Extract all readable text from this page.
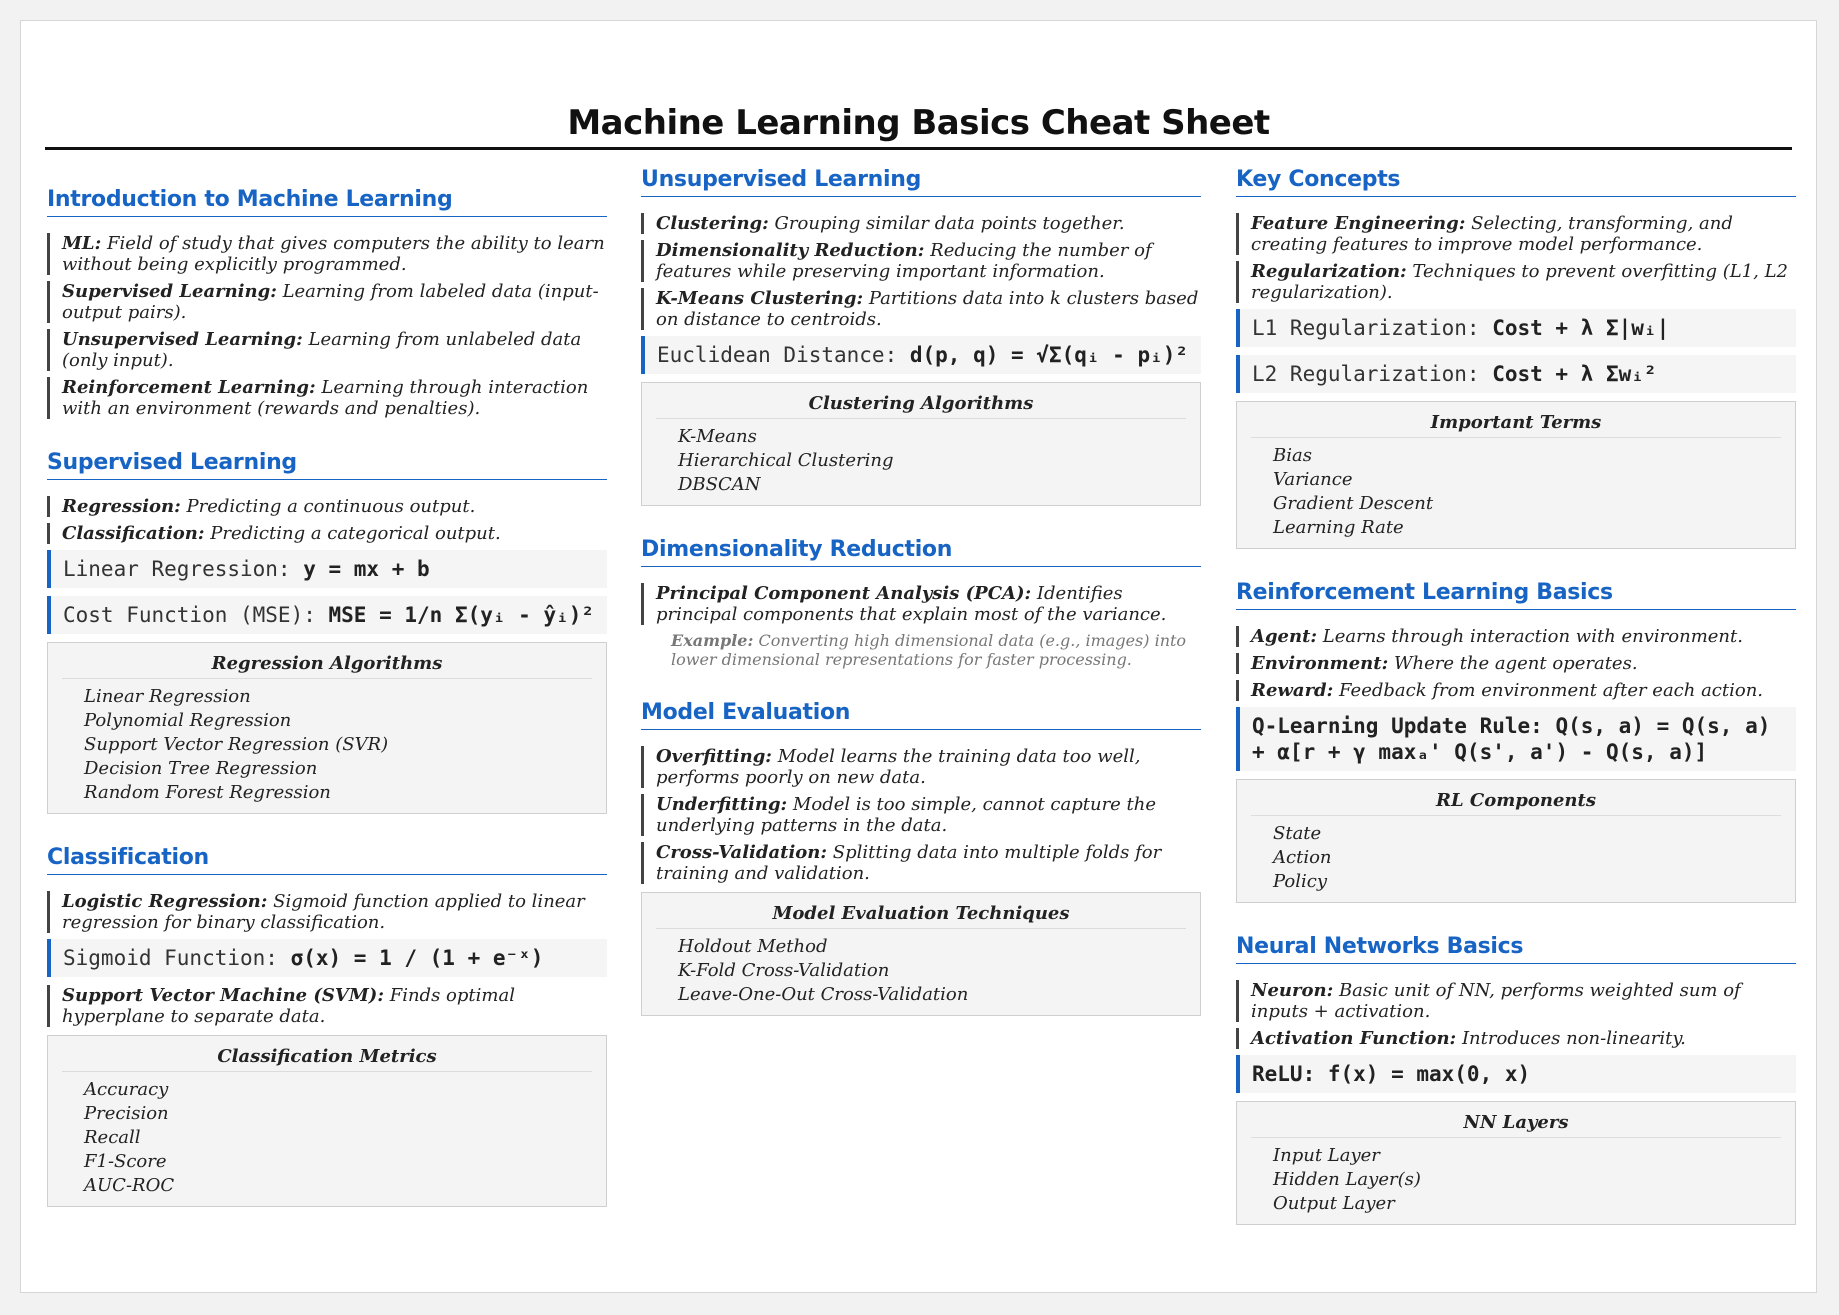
Machine Learning Basics Cheat Sheet
Introduction to Machine Learning
ML: Field of study that gives computers the ability to learn without being explicitly programmed.
Supervised Learning: Learning from labeled data (input-output pairs).
Unsupervised Learning: Learning from unlabeled data (only input).
Reinforcement Learning: Learning through interaction with an environment (rewards and penalties).
Supervised Learning
Regression: Predicting a continuous output.
Classification: Predicting a categorical output.
Linear Regression: y = mx + b
Cost Function (MSE): MSE = 1/n Σ(yᵢ - ŷᵢ)²
Regression Algorithms
Linear Regression
Polynomial Regression
Support Vector Regression (SVR)
Decision Tree Regression
Random Forest Regression
Classification
Logistic Regression: Sigmoid function applied to linear regression for binary classification.
Sigmoid Function: σ(x) = 1 / (1 + e⁻ˣ)
Support Vector Machine (SVM): Finds optimal hyperplane to separate data.
Classification Metrics
Accuracy
Precision
Recall
F1-Score
AUC-ROC
Unsupervised Learning
Clustering: Grouping similar data points together.
Dimensionality Reduction: Reducing the number of features while preserving important information.
K-Means Clustering: Partitions data into k clusters based on distance to centroids.
Euclidean Distance: d(p, q) = √Σ(qᵢ - pᵢ)²
Clustering Algorithms
K-Means
Hierarchical Clustering
DBSCAN
Dimensionality Reduction
Principal Component Analysis (PCA): Identifies principal components that explain most of the variance.
Example: Converting high dimensional data (e.g., images) into lower dimensional representations for faster processing.
Model Evaluation
Overfitting: Model learns the training data too well, performs poorly on new data.
Underfitting: Model is too simple, cannot capture the underlying patterns in the data.
Cross-Validation: Splitting data into multiple folds for training and validation.
Model Evaluation Techniques
Holdout Method
K-Fold Cross-Validation
Leave-One-Out Cross-Validation
Key Concepts
Feature Engineering: Selecting, transforming, and creating features to improve model performance.
Regularization: Techniques to prevent overfitting (L1, L2 regularization).
L1 Regularization: Cost + λ Σ|wᵢ|
L2 Regularization: Cost + λ Σwᵢ²
Important Terms
Bias
Variance
Gradient Descent
Learning Rate
Reinforcement Learning Basics
Agent: Learns through interaction with environment.
Environment: Where the agent operates.
Reward: Feedback from environment after each action.
Q-Learning Update Rule: Q(s, a) = Q(s, a) + α[r + γ maxₐ' Q(s', a') - Q(s, a)]
RL Components
State
Action
Policy
Neural Networks Basics
Neuron: Basic unit of NN, performs weighted sum of inputs + activation.
Activation Function: Introduces non-linearity.
ReLU: f(x) = max(0, x)
NN Layers
Input Layer
Hidden Layer(s)
Output Layer
